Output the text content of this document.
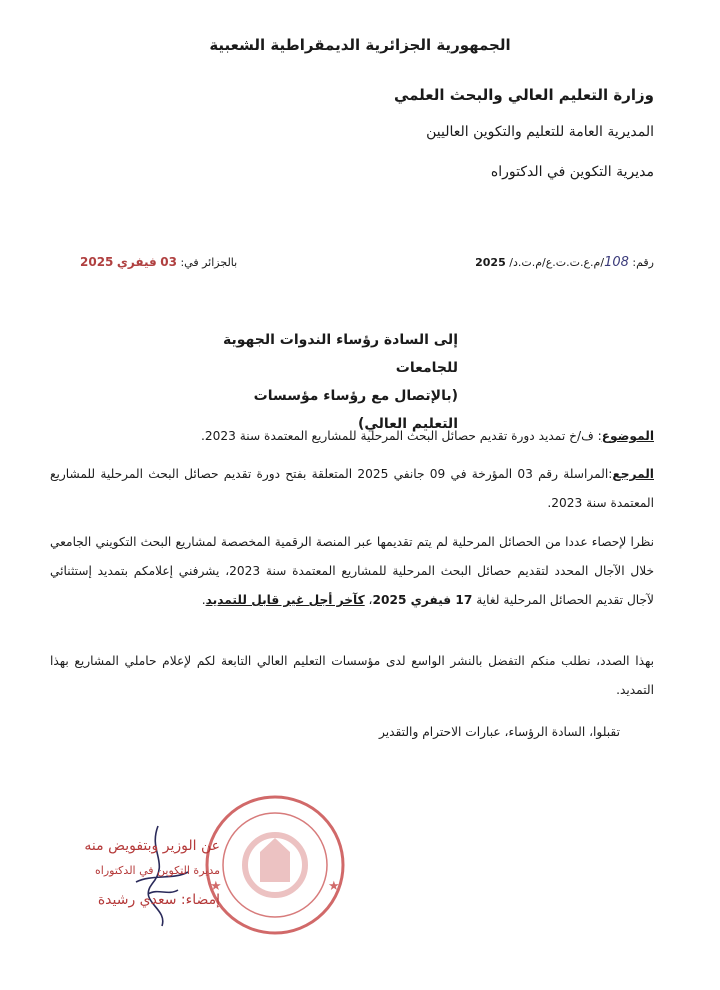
الجمهورية الجزائرية الديمقراطية الشعبية
وزارة التعليم العالي والبحث العلمي
المديرية العامة للتعليم والتكوين العاليين
مديرية التكوين في الدكتوراه
رقم: 108/م.ع.ت.ت.ع/م.ت.د/ 2025
بالجزائر في: 03 فيفري 2025
إلى السادة رؤساء الندوات الجهوية للجامعات
(بالإتصال مع رؤساء مؤسسات التعليم العالي)
الموضوع: ف/خ تمديد دورة تقديم حصائل البحث المرحلية للمشاريع المعتمدة سنة 2023.
المرجع:المراسلة رقم 03 المؤرخة في 09 جانفي 2025 المتعلقة بفتح دورة تقديم حصائل البحث المرحلية للمشاريع المعتمدة سنة 2023.
نظرا لإحصاء عددا من الحصائل المرحلية لم يتم تقديمها عبر المنصة الرقمية المخصصة لمشاريع البحث التكويني الجامعي خلال الآجال المحدد لتقديم حصائل البحث المرحلية للمشاريع المعتمدة سنة 2023، يشرفني إعلامكم بتمديد إستثنائي لآجال تقديم الحصائل المرحلية لغاية 17 فيفري 2025، كآخر أجل غير قابل للتمديد.
بهذا الصدد، نطلب منكم التفضل بالنشر الواسع لدى مؤسسات التعليم العالي التابعة لكم لإعلام حاملي المشاريع بهذا التمديد.
تقبلوا، السادة الرؤساء، عبارات الاحترام والتقدير
★
★
عن الوزير وبتفويض منه
مديرة التكوين في الدكتوراه
إمضاء: سعدي رشيدة
